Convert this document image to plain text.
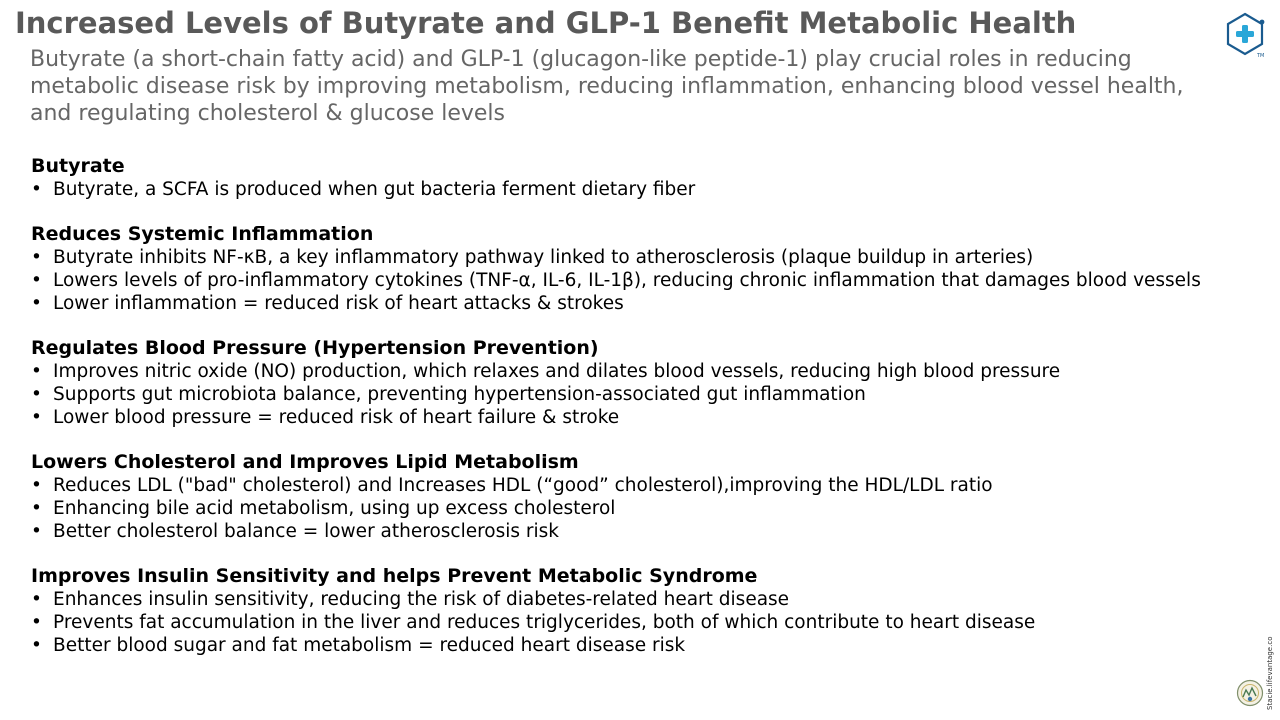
Increased Levels of Butyrate and GLP-1 Benefit Metabolic Health
TM

Butyrate (a short-chain fatty acid) and GLP-1 (glucagon-like peptide-1) play crucial roles in reducing metabolic disease risk by improving metabolism, reducing inflammation, enhancing blood vessel health, and regulating cholesterol & glucose levels

Butyrate
• Butyrate, a SCFA is produced when gut bacteria ferment dietary fiber
Reduces Systemic Inflammation
• Butyrate inhibits NF-κB, a key inflammatory pathway linked to atherosclerosis (plaque buildup in arteries)
• Lowers levels of pro-inflammatory cytokines (TNF-α, IL-6, IL-1β), reducing chronic inflammation that damages blood vessels
• Lower inflammation = reduced risk of heart attacks & strokes
Regulates Blood Pressure (Hypertension Prevention)
• Improves nitric oxide (NO) production, which relaxes and dilates blood vessels, reducing high blood pressure
• Supports gut microbiota balance, preventing hypertension-associated gut inflammation
• Lower blood pressure = reduced risk of heart failure & stroke
Lowers Cholesterol and Improves Lipid Metabolism
• Reduces LDL ("bad" cholesterol) and Increases HDL (“good” cholesterol),improving the HDL/LDL ratio
• Enhancing bile acid metabolism, using up excess cholesterol
• Better cholesterol balance = lower atherosclerosis risk
Improves Insulin Sensitivity and helps Prevent Metabolic Syndrome
• Enhances insulin sensitivity, reducing the risk of diabetes-related heart disease
• Prevents fat accumulation in the liver and reduces triglycerides, both of which contribute to heart disease
• Better blood sugar and fat metabolism = reduced heart disease risk	Stacie.lifevantage.co
